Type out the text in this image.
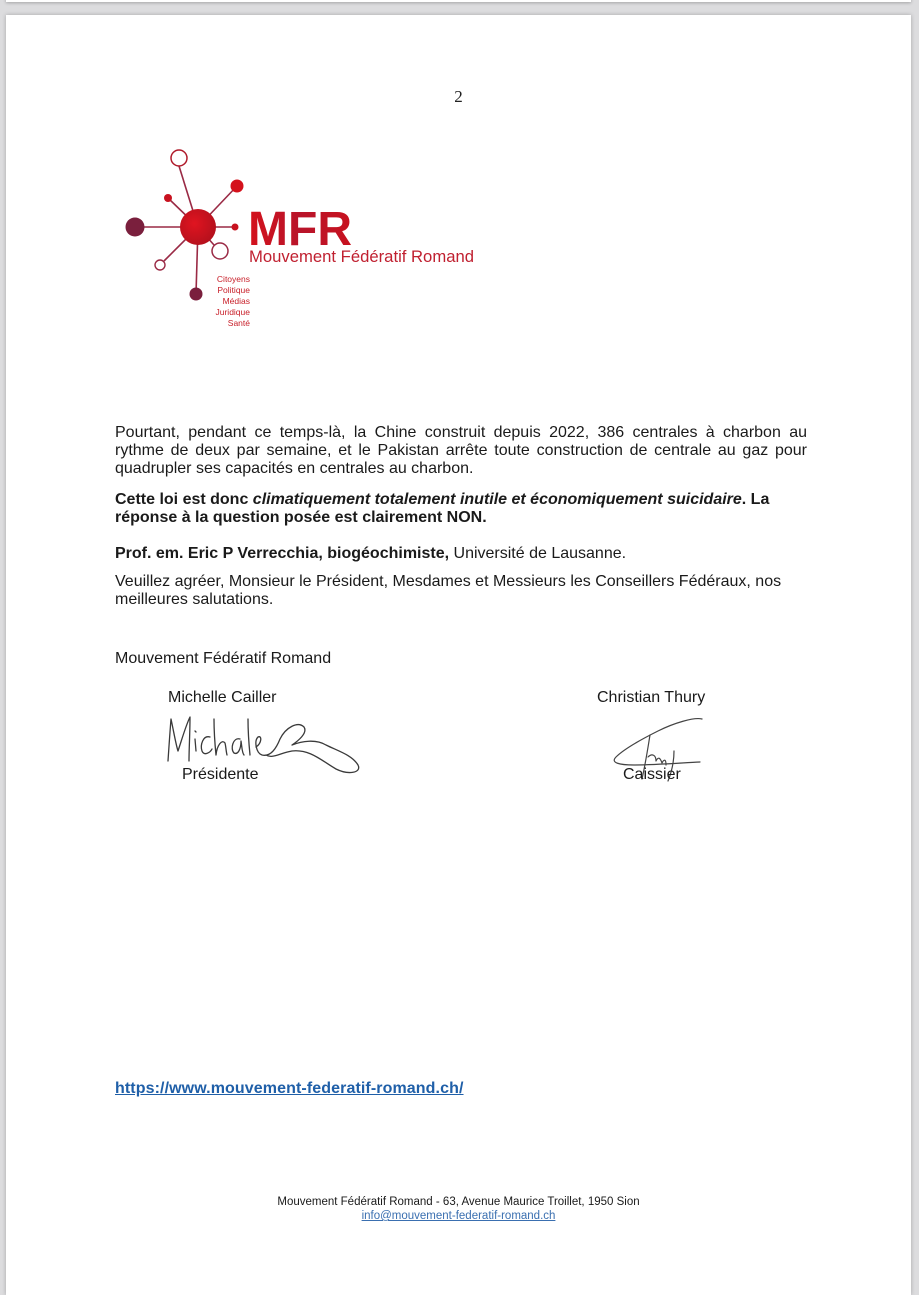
2
MFR
Mouvement Fédératif Romand
Citoyens
Politique
Médias
Juridique
Santé
Pourtant, pendant ce temps-là, la Chine construit depuis 2022, 386 centrales à charbon au rythme de deux par semaine, et le Pakistan arrête toute construction de centrale au gaz pour quadrupler ses capacités en centrales au charbon.
Cette loi est donc climatiquement totalement inutile et économiquement suicidaire. La réponse à la question posée est clairement NON.
Prof. em. Eric P Verrecchia, biogéochimiste, Université de Lausanne.
Veuillez agréer, Monsieur le Président, Mesdames et Messieurs les Conseillers Fédéraux, nos meilleures salutations.
Mouvement Fédératif Romand
Michelle Cailler
Présidente
Christian Thury
Caissier
https://www.mouvement-federatif-romand.ch/
Mouvement Fédératif Romand - 63, Avenue Maurice Troillet, 1950 Sion
info@mouvement-federatif-romand.ch
